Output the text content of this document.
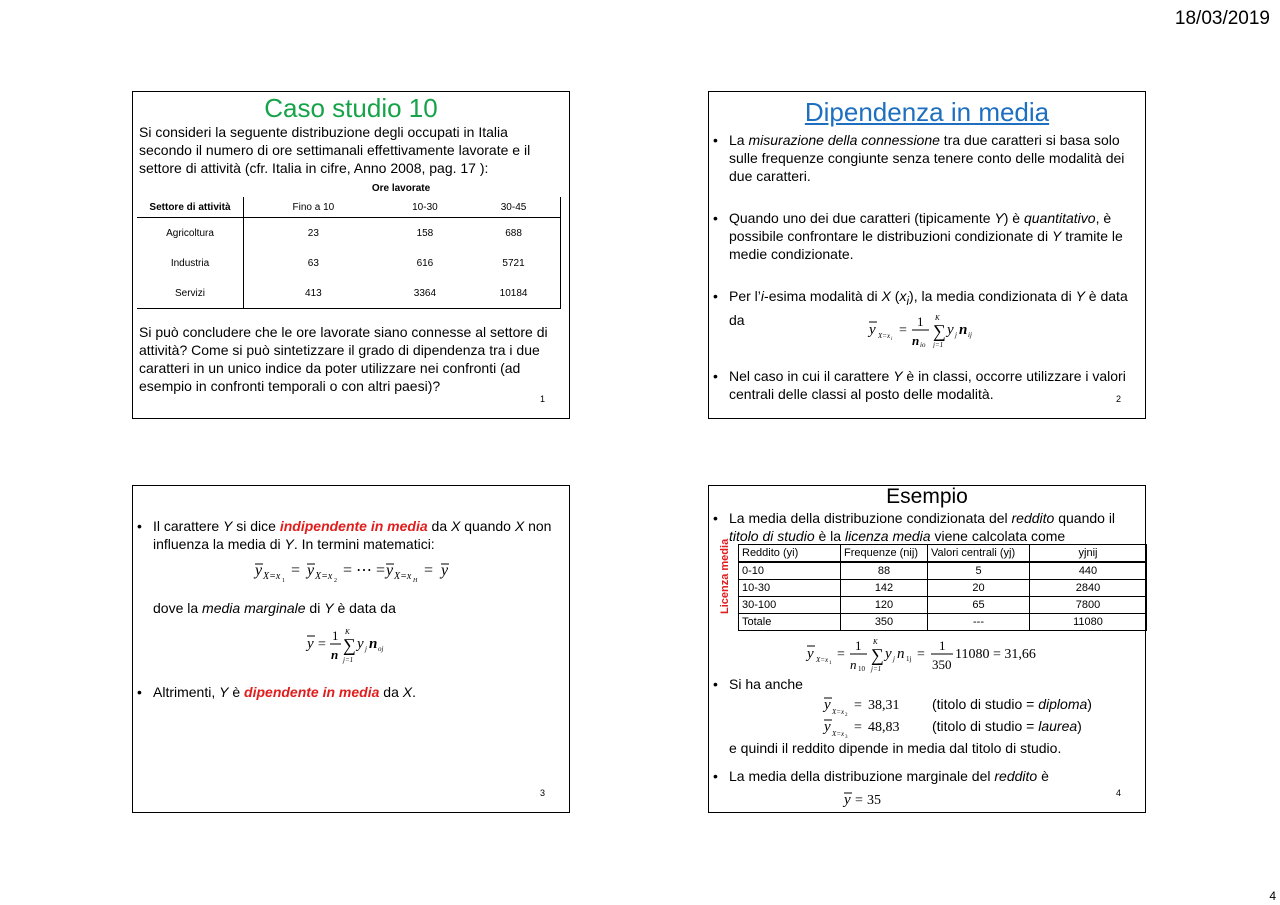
18/03/2019
4
Caso studio 10
Si consideri la seguente distribuzione degli occupati in Italia secondo il numero di ore settimanali effettivamente lavorate e il settore di attività (cfr. Italia in cifre, Anno 2008, pag. 17 ):
Ore lavorate
Settore di attività	Fino a 10	10-30	30-45
Agricoltura	23	158	688
Industria	63	616	5721
Servizi	413	3364	10184
Si può concludere che le ore lavorate siano connesse al settore di attività? Come si può sintetizzare il grado di dipendenza tra i due caratteri in un unico indice da poter utilizzare nei confronti (ad esempio in confronti temporali o con altri paesi)?
1
Dipendenza in media
• La misurazione della connessione tra due caratteri si basa solo sulle frequenze congiunte senza tenere conto delle modalità dei due caratteri.
• Quando uno dei due caratteri (tipicamente Y) è quantitativo, è possibile confrontare le distribuzioni condizionate di Y tramite le medie condizionate.
• Per l’i-esima modalità di X $(x_i)$, la media condizionata di Y è data da
y X=x i
=
1
n io
∑
K
j=1
y j n ij
• Nel caso in cui il carattere Y è in classi, occorre utilizzare i valori centrali delle classi al posto delle modalità.	2
• Il carattere Y si dice indipendente in media da X quando X non influenza la media di Y. In termini matematici:
y X=x 1
= y X=x 2
= ⋯ = y X=x H
= y
dove la media marginale di Y è data da
y =
1
n ∑
K
j=1
y j n oj
• Altrimenti, Y è dipendente in media da X.
3
Esempio
• La media della distribuzione condizionata del reddito quando il titolo di studio è la licenza media viene calcolata come
Licenza media Reddito (yi)	Frequenze (nij)	Valori centrali (yj)	yjnij
0-10	88	5	440
10-30	142	20	2840
30-100	120	65	7800
Totale	350	---	11080
y X=x 1
=
1
n 10
∑
K
j=1
y j n 1j =
1
350
11080 = 31,66
• Si ha anche
y X=x 2
= 38,31 (titolo di studio = diploma)
y X=x 3
= 48,83 (titolo di studio = laurea)
e quindi il reddito dipende in media dal titolo di studio.
• La media della distribuzione marginale del reddito è
y = 35	4
